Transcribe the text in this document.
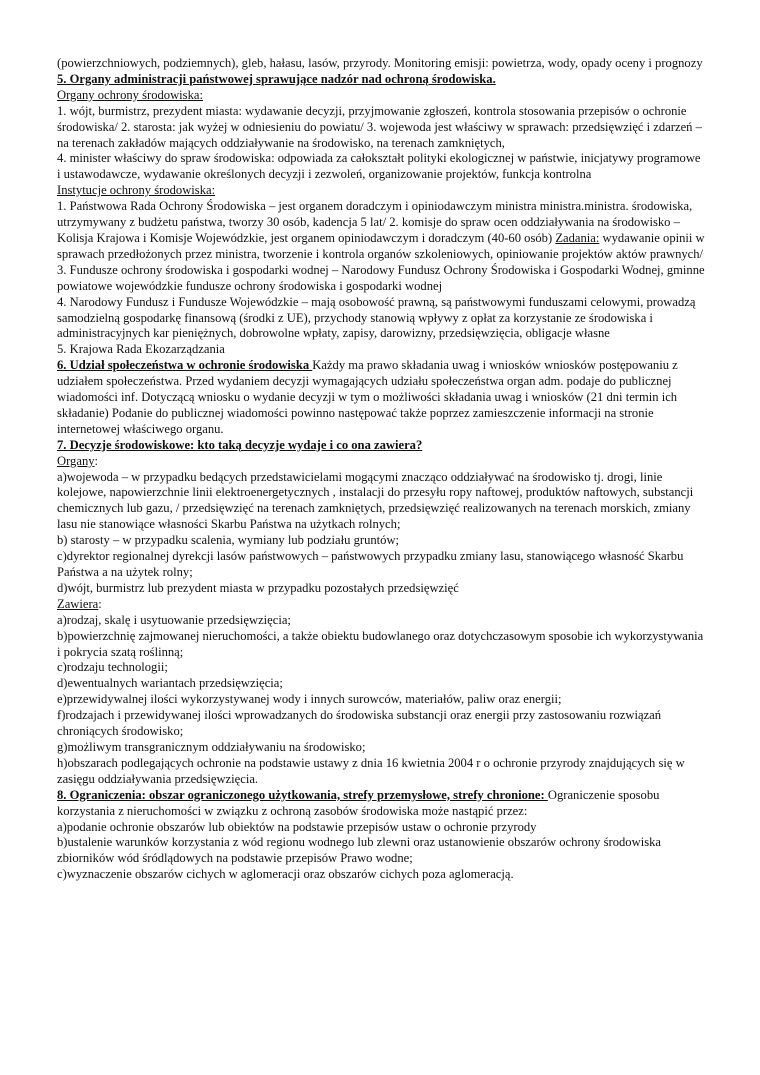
(powierzchniowych, podziemnych), gleb, hałasu, lasów, przyrody. Monitoring emisji: powietrza, wody, opady oceny i prognozy

5. Organy administracji państwowej sprawujące nadzór nad ochroną środowiska.

Organy ochrony środowiska:

1. wójt, burmistrz, prezydent miasta: wydawanie decyzji, przyjmowanie zgłoszeń, kontrola stosowania przepisów o ochronie środowiska/ 2. starosta: jak wyżej w odniesieniu do powiatu/ 3. wojewoda jest właściwy w sprawach: przedsięwzięć i zdarzeń – na terenach zakładów mających oddziaływanie na środowisko, na terenach zamkniętych,

4. minister właściwy do spraw środowiska: odpowiada za całokształt polityki ekologicznej w państwie, inicjatywy programowe i ustawodawcze, wydawanie określonych decyzji i zezwoleń, organizowanie projektów, funkcja kontrolna

Instytucje ochrony środowiska:

1. Państwowa Rada Ochrony Środowiska – jest organem doradczym i opiniodawczym ministra ministra.ministra. środowiska, utrzymywany z budżetu państwa, tworzy 30 osób, kadencja 5 lat/ 2. komisje do spraw ocen oddziaływania na środowisko – Kolisja Krajowa i Komisje Wojewódzkie, jest organem opiniodawczym i doradczym (40-60 osób) Zadania: wydawanie opinii w sprawach przedłożonych przez ministra, tworzenie i kontrola organów szkoleniowych, opiniowanie projektów aktów prawnych/ 3. Fundusze ochrony środowiska i gospodarki wodnej – Narodowy Fundusz Ochrony Środowiska i Gospodarki Wodnej, gminne powiatowe wojewódzkie fundusze ochrony środowiska i gospodarki wodnej

4. Narodowy Fundusz i Fundusze Wojewódzkie – mają osobowość prawną, są państwowymi funduszami celowymi, prowadzą samodzielną gospodarkę finansową (środki z UE), przychody stanowią wpływy z opłat za korzystanie ze środowiska i administracyjnych kar pieniężnych, dobrowolne wpłaty, zapisy, darowizny, przedsięwzięcia, obligacje własne

5. Krajowa Rada Ekozarządzania

6. Udział społeczeństwa w ochronie środowiska Każdy ma prawo składania uwag i wniosków wniosków postępowaniu z udziałem społeczeństwa. Przed wydaniem decyzji wymagających udziału społeczeństwa organ adm. podaje do publicznej wiadomości inf. Dotyczącą wniosku o wydanie decyzji w tym o możliwości składania uwag i wniosków (21 dni termin ich składanie) Podanie do publicznej wiadomości powinno następować także poprzez zamieszczenie informacji na stronie internetowej właściwego organu.

7. Decyzje środowiskowe: kto taką decyzje wydaje i co ona zawiera?

Organy:

a)wojewoda – w przypadku bedących przedstawicielami mogącymi znacząco oddziaływać na środowisko tj. drogi, linie kolejowe, napowierzchnie linii elektroenergetycznych , instalacji do przesyłu ropy naftowej, produktów naftowych, substancji chemicznych lub gazu, / przedsięwzięć na terenach zamkniętych, przedsięwzięć realizowanych na terenach morskich, zmiany lasu nie stanowiące własności Skarbu Państwa na użytkach rolnych;

b) starosty – w przypadku scalenia, wymiany lub podziału gruntów;

c)dyrektor regionalnej dyrekcji lasów państwowych – państwowych przypadku zmiany lasu, stanowiącego własność Skarbu Państwa a na użytek rolny;

d)wójt, burmistrz lub prezydent miasta w przypadku pozostałych przedsięwzięć

Zawiera:

a)rodzaj, skalę i usytuowanie przedsięwzięcia;

b)powierzchnię zajmowanej nieruchomości, a także obiektu budowlanego oraz dotychczasowym sposobie ich wykorzystywania i pokrycia szatą roślinną;

c)rodzaju technologii;

d)ewentualnych wariantach przedsięwzięcia;

e)przewidywalnej ilości wykorzystywanej wody i innych surowców, materiałów, paliw oraz energii;

f)rodzajach i przewidywanej ilości wprowadzanych do środowiska substancji oraz energii przy zastosowaniu rozwiązań chroniących środowisko;

g)możliwym transgranicznym oddziaływaniu na środowisko;

h)obszarach podlegających ochronie na podstawie ustawy z dnia 16 kwietnia 2004 r o ochronie przyrody znajdujących się w zasięgu oddziaływania przedsięwzięcia.

8. Ograniczenia: obszar ograniczonego użytkowania, strefy przemysłowe, strefy chronione: Ograniczenie sposobu korzystania z nieruchomości w związku z ochroną zasobów środowiska może nastąpić przez:

a)podanie ochronie obszarów lub obiektów na podstawie przepisów ustaw o ochronie przyrody

b)ustalenie warunków korzystania z wód regionu wodnego lub zlewni oraz ustanowienie obszarów ochrony środowiska zbiorników wód śródlądowych na podstawie przepisów Prawo wodne;

c)wyznaczenie obszarów cichych w aglomeracji oraz obszarów cichych poza aglomeracją.
